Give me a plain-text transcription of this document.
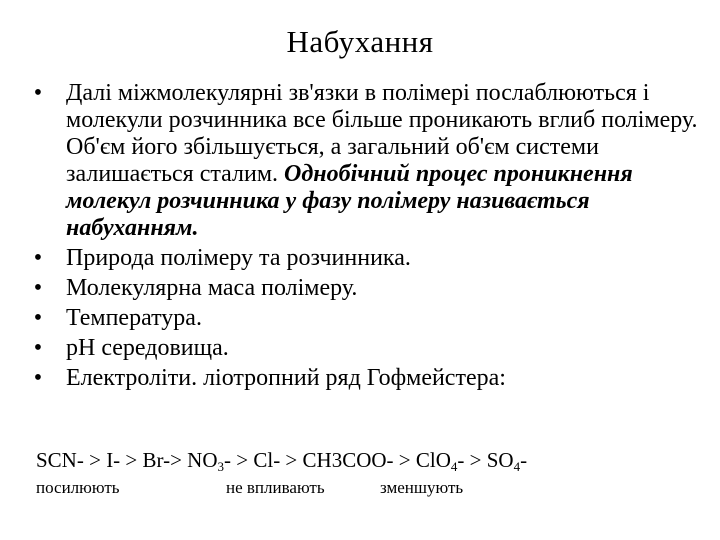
Набухання
• Далі міжмолекулярні зв'язки в полімері послаблюються і молекули розчинника все більше проникають вглиб полімеру. Об'єм його збільшується, а загальний об'єм системи залишається сталим. Однобічний процес проникнення молекул розчинника у фазу полімеру називається набуханням.
• Природа полімеру та розчинника.
• Молекулярна маса полімеру.
• Температура.
• рН середовища.
• Електроліти. ліотропний ряд Гофмейстера:
$SCN- > I- > Br-> NO_3- > Cl- > CH3COO- > ClO_4- > SO_4-$
посилюють	не впливають	зменшують
